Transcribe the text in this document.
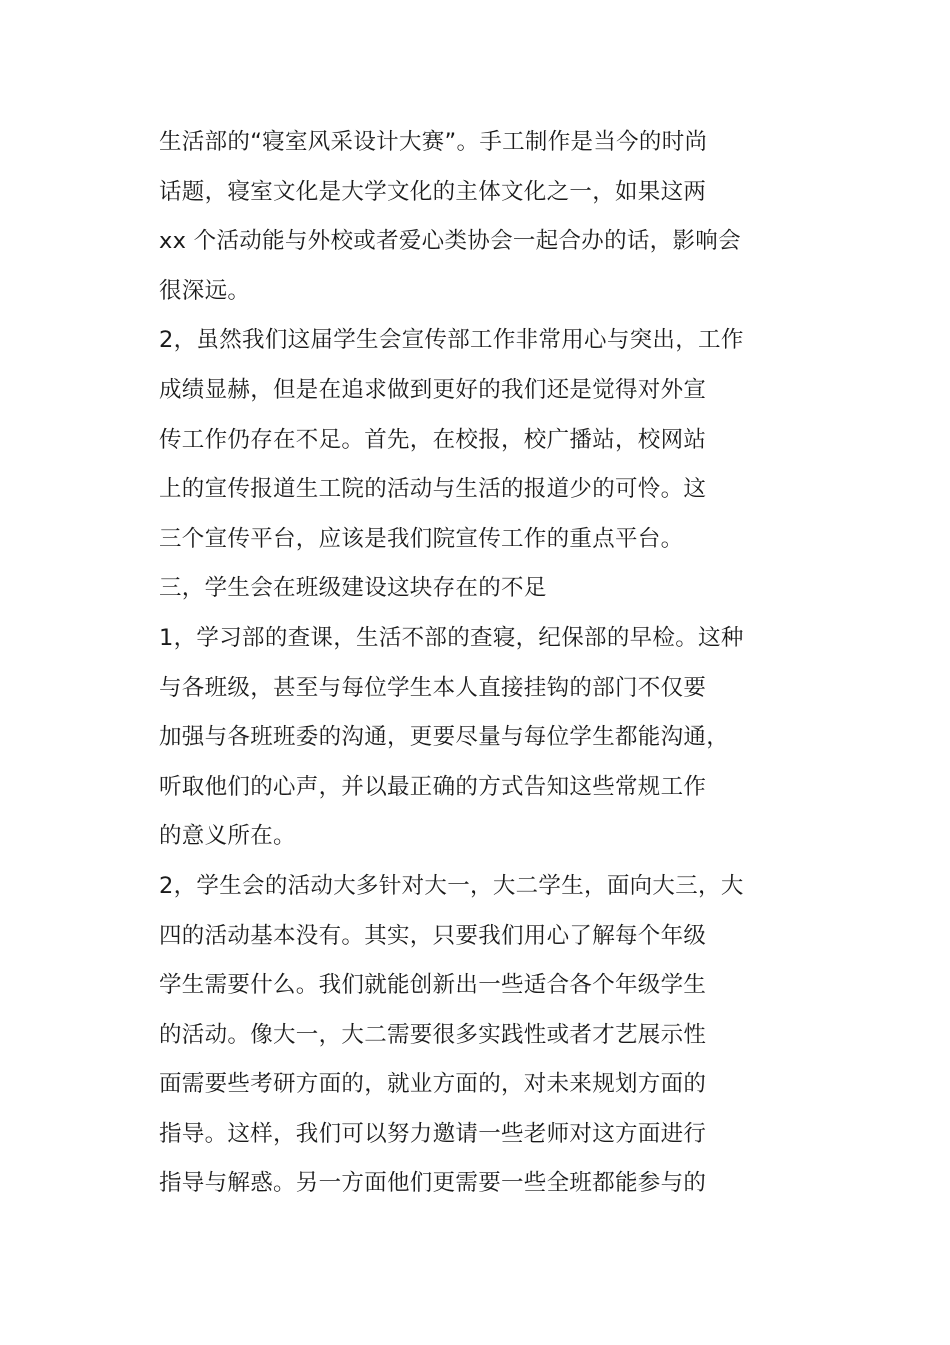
生活部的“寝室风采设计大赛”。手工制作是当今的时尚
话题，寝室文化是大学文化的主体文化之一，如果这两
xx 个活动能与外校或者爱心类协会一起合办的话，影响会
很深远。
2，虽然我们这届学生会宣传部工作非常用心与突出，工作
成绩显赫，但是在追求做到更好的我们还是觉得对外宣
传工作仍存在不足。首先，在校报，校广播站，校网站
上的宣传报道生工院的活动与生活的报道少的可怜。这
三个宣传平台，应该是我们院宣传工作的重点平台。
三，学生会在班级建设这块存在的不足
1，学习部的查课，生活不部的查寝，纪保部的早检。这种
与各班级，甚至与每位学生本人直接挂钩的部门不仅要
加强与各班班委的沟通，更要尽量与每位学生都能沟通，
听取他们的心声，并以最正确的方式告知这些常规工作
的意义所在。
2，学生会的活动大多针对大一，大二学生，面向大三，大
四的活动基本没有。其实，只要我们用心了解每个年级
学生需要什么。我们就能创新出一些适合各个年级学生
的活动。像大一，大二需要很多实践性或者才艺展示性
面需要些考研方面的，就业方面的，对未来规划方面的
指导。这样，我们可以努力邀请一些老师对这方面进行
指导与解惑。另一方面他们更需要一些全班都能参与的
